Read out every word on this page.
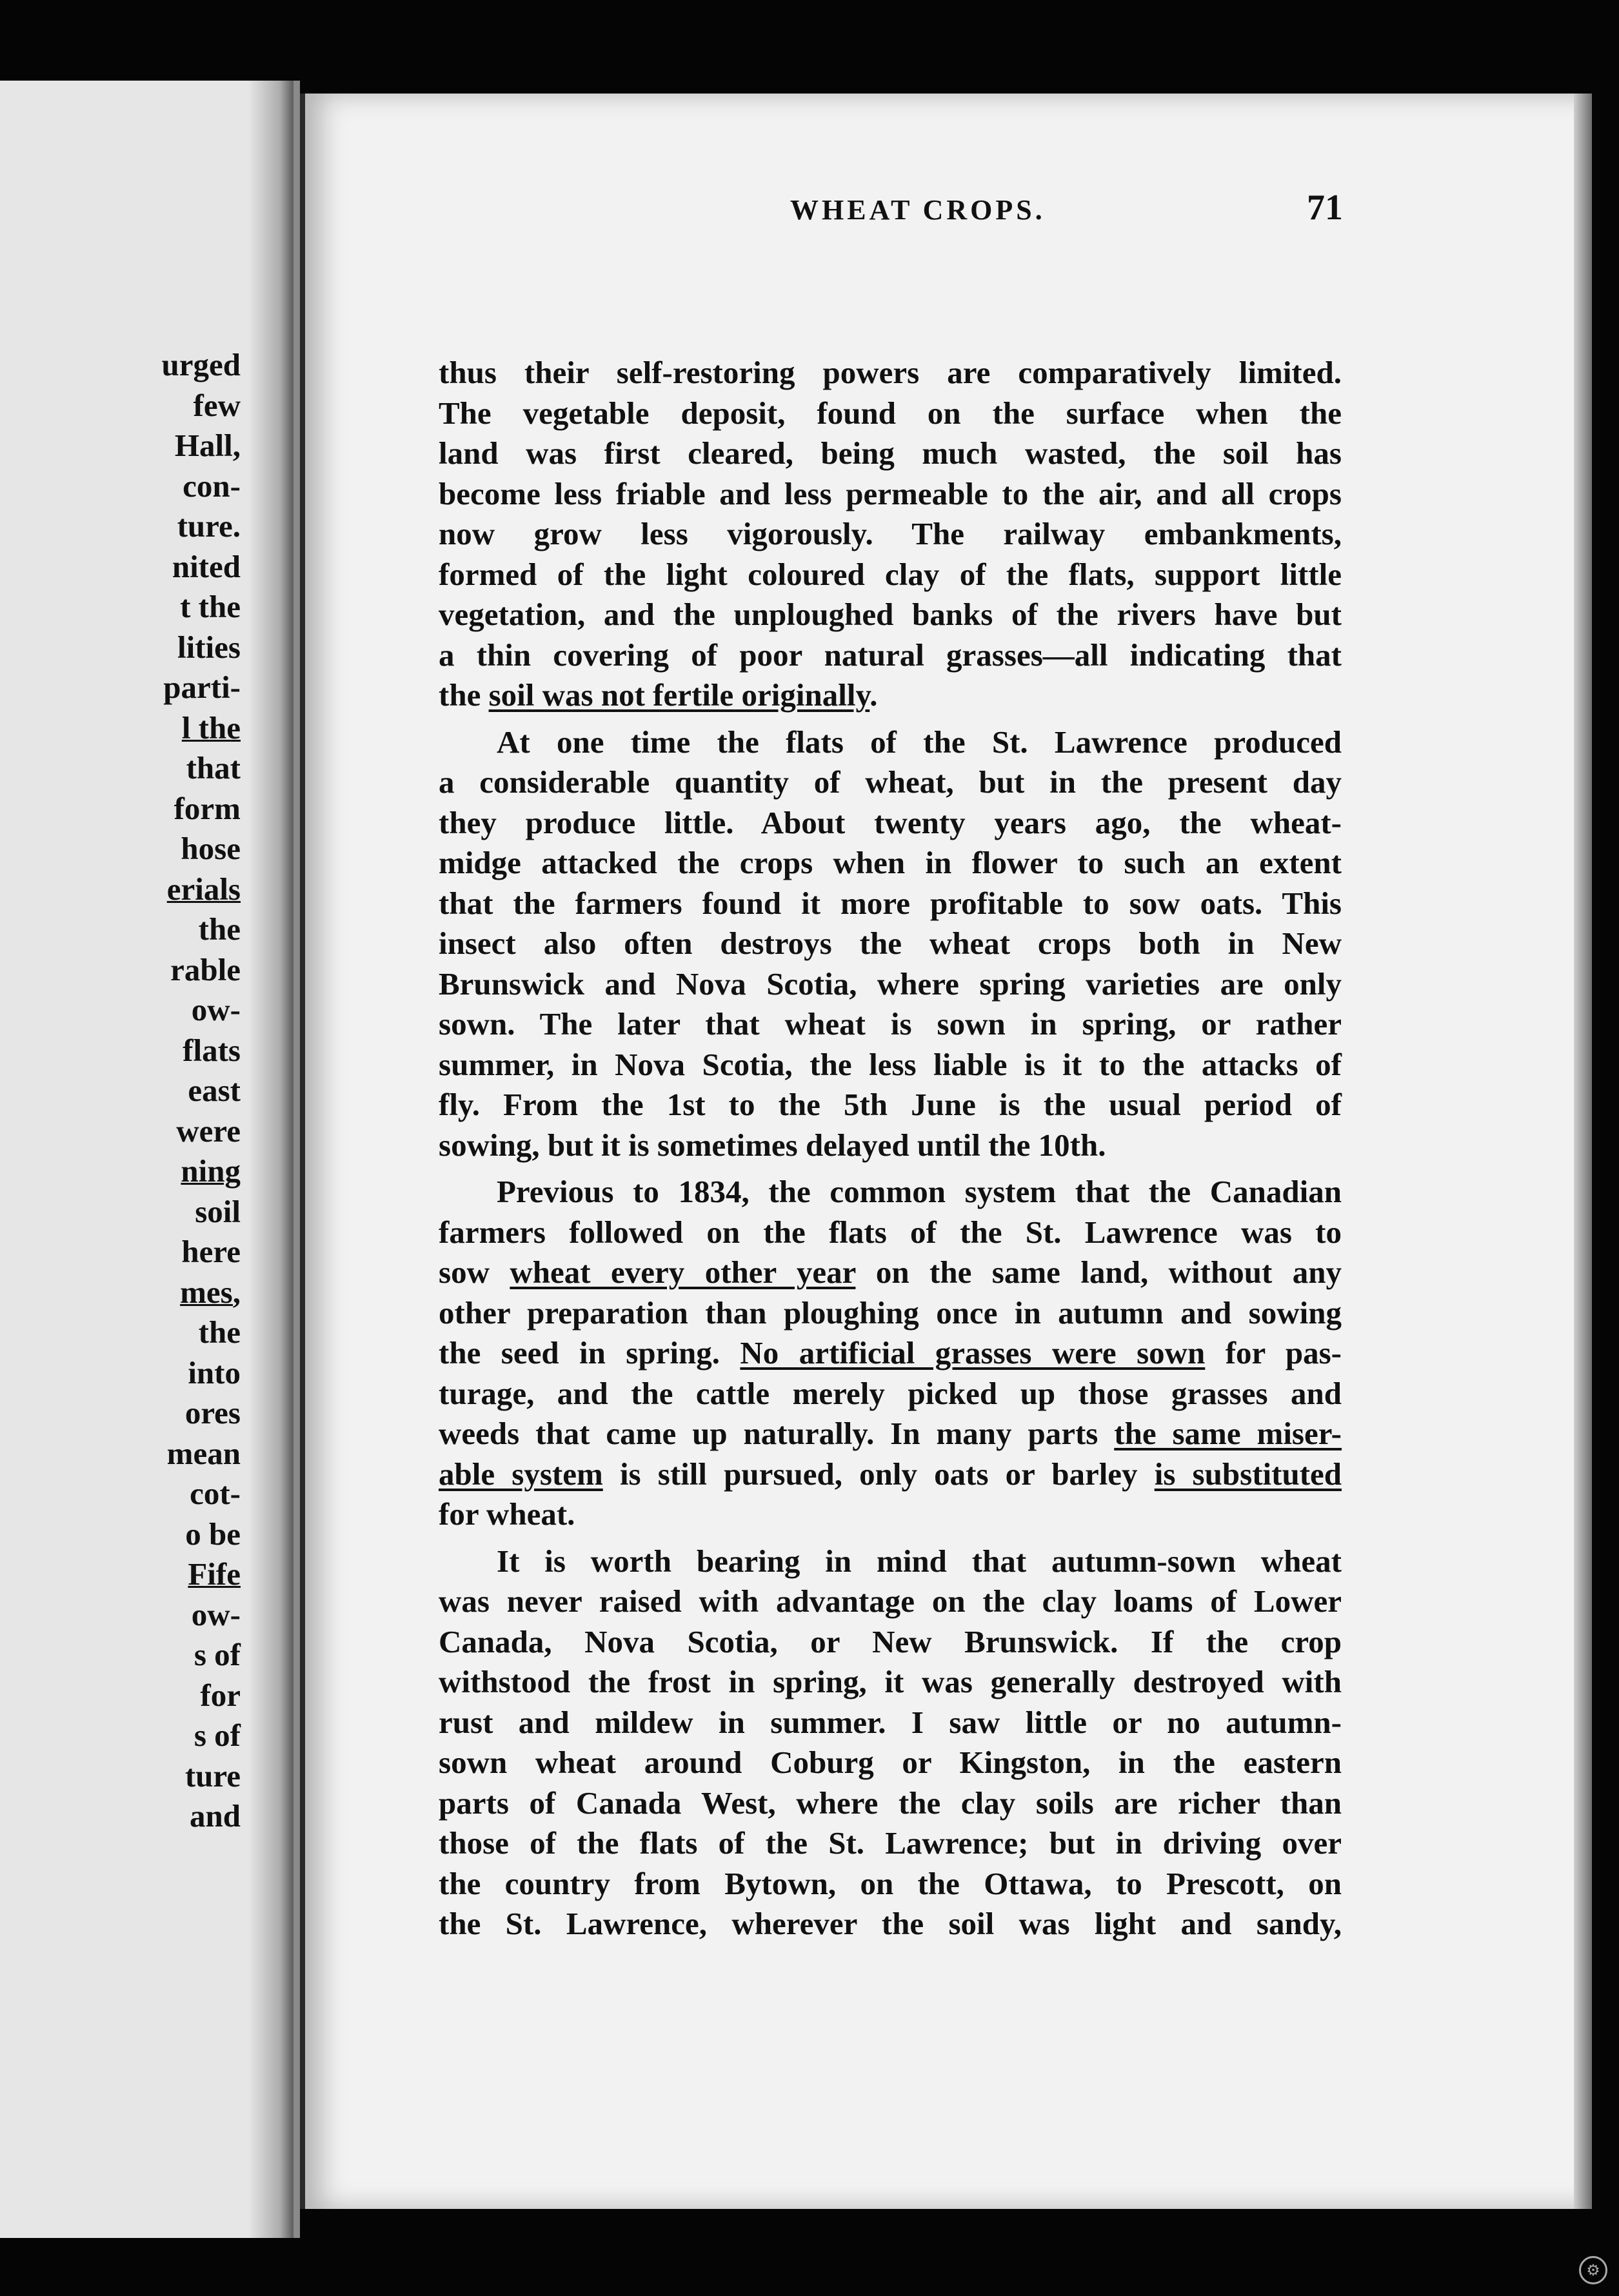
urged
few
Hall,
con-
ture.
nited
t the
lities
parti-
l the
that
form
hose
erials
the
rable
ow-
flats
east
were
ning
soil
here
mes,
the
into
ores
mean
cot-
o be
Fife
ow-
s of
for
s of
ture
and
WHEAT CROPS.	71
thus their self-restoring powers are comparatively limited.
The vegetable deposit, found on the surface when the
land was first cleared, being much wasted, the soil has
become less friable and less permeable to the air, and all crops
now grow less vigorously. The railway embankments,
formed of the light coloured clay of the flats, support little
vegetation, and the unploughed banks of the rivers have but
a thin covering of poor natural grasses—all indicating that
the soil was not fertile originally.
At one time the flats of the St. Lawrence produced
a considerable quantity of wheat, but in the present day
they produce little. About twenty years ago, the wheat-
midge attacked the crops when in flower to such an extent
that the farmers found it more profitable to sow oats. This
insect also often destroys the wheat crops both in New
Brunswick and Nova Scotia, where spring varieties are only
sown. The later that wheat is sown in spring, or rather
summer, in Nova Scotia, the less liable is it to the attacks of
fly. From the 1st to the 5th June is the usual period of
sowing, but it is sometimes delayed until the 10th.
Previous to 1834, the common system that the Canadian
farmers followed on the flats of the St. Lawrence was to
sow wheat every other year on the same land, without any
other preparation than ploughing once in autumn and sowing
the seed in spring. No artificial grasses were sown for pas-
turage, and the cattle merely picked up those grasses and
weeds that came up naturally. In many parts the same miser-
able system is still pursued, only oats or barley is substituted
for wheat.
It is worth bearing in mind that autumn-sown wheat
was never raised with advantage on the clay loams of Lower
Canada, Nova Scotia, or New Brunswick. If the crop
withstood the frost in spring, it was generally destroyed with
rust and mildew in summer. I saw little or no autumn-
sown wheat around Coburg or Kingston, in the eastern
parts of Canada West, where the clay soils are richer than
those of the flats of the St. Lawrence; but in driving over
the country from Bytown, on the Ottawa, to Prescott, on
the St. Lawrence, wherever the soil was light and sandy,
⚙
